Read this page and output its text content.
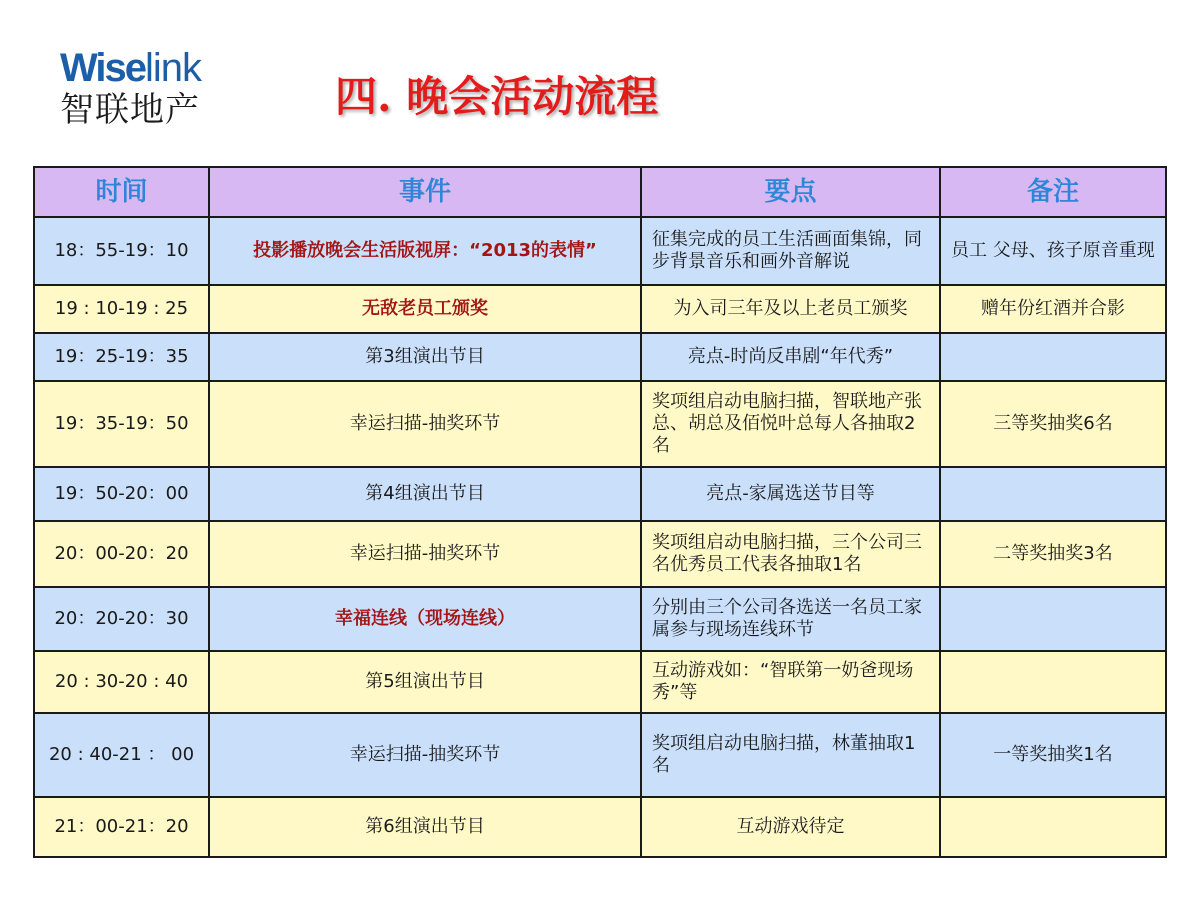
Wiselink
智联地产	四. 晚会活动流程
时间	事件	要点	备注
18：55-19：10	投影播放晚会生活版视屏：“2013的表情”	征集完成的员工生活画面集锦，同步背景音乐和画外音解说	员工 父母、孩子原音重现
19 : 10-19 : 25	无敌老员工颁奖	为入司三年及以上老员工颁奖	赠年份红酒并合影
19：25-19：35	第3组演出节目	亮点-时尚反串剧“年代秀”	
19：35-19：50	幸运扫描-抽奖环节	奖项组启动电脑扫描，智联地产张总、胡总及佰悦叶总每人各抽取2名	三等奖抽奖6名
19：50-20：00	第4组演出节目	亮点-家属选送节目等	
20：00-20：20	幸运扫描-抽奖环节	奖项组启动电脑扫描，三个公司三名优秀员工代表各抽取1名	二等奖抽奖3名
20：20-20：30	幸福连线（现场连线）	分别由三个公司各选送一名员工家属参与现场连线环节	
20 : 30-20 : 40	第5组演出节目	互动游戏如：“智联第一奶爸现场秀”等	
20 : 40-21 ： 00	幸运扫描-抽奖环节	奖项组启动电脑扫描，林董抽取1名	一等奖抽奖1名
21：00-21：20	第6组演出节目	互动游戏待定	
